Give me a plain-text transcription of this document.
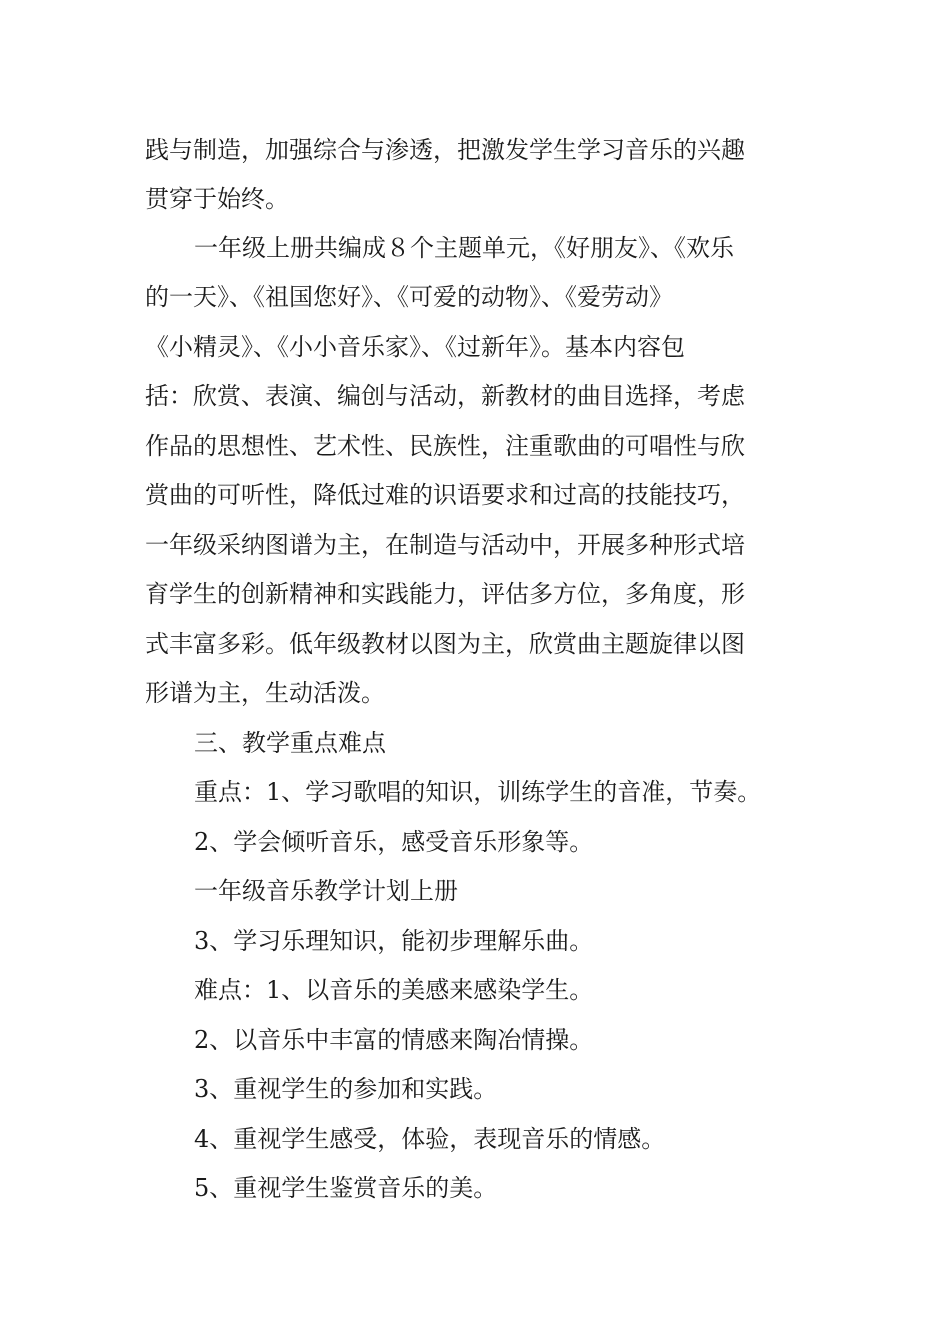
践与制造，加强综合与渗透，把激发学生学习音乐的兴趣
贯穿于始终。
一年级上册共编成８个主题单元，《好朋友》、《欢乐
的一天》、《祖国您好》、《可爱的动物》、《爱劳动》
《小精灵》、《小小音乐家》、《过新年》。基本内容包
括：欣赏、表演、编创与活动，新教材的曲目选择，考虑
作品的思想性、艺术性、民族性，注重歌曲的可唱性与欣
赏曲的可听性，降低过难的识语要求和过高的技能技巧，
一年级采纳图谱为主，在制造与活动中，开展多种形式培
育学生的创新精神和实践能力，评估多方位，多角度，形
式丰富多彩。低年级教材以图为主，欣赏曲主题旋律以图
形谱为主，生动活泼。
三、教学重点难点
重点：1、学习歌唱的知识，训练学生的音准，节奏。
2、学会倾听音乐，感受音乐形象等。
一年级音乐教学计划上册
3、学习乐理知识，能初步理解乐曲。
难点：1、以音乐的美感来感染学生。
2、以音乐中丰富的情感来陶冶情操。
3、重视学生的参加和实践。
4、重视学生感受，体验，表现音乐的情感。
5、重视学生鉴赏音乐的美。
